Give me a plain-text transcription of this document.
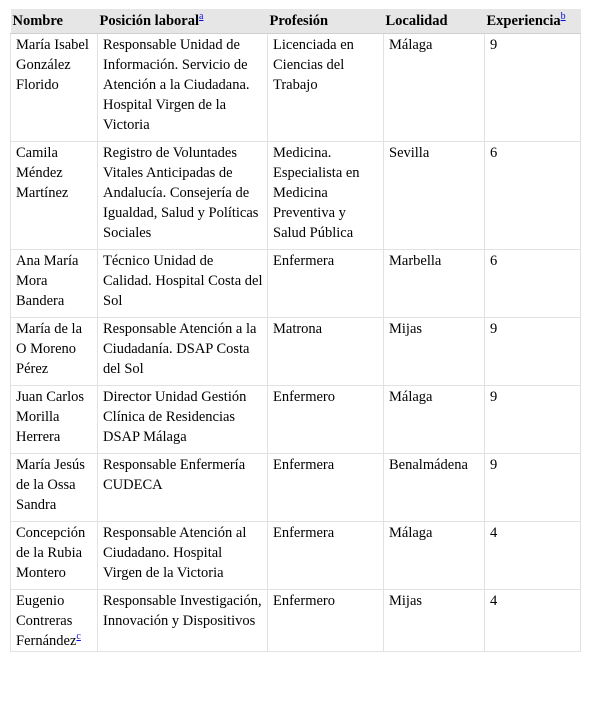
Nombre	Posición laboral$^a$	Profesión	Localidad	Experiencia$^b$
María Isabel González Florido	Responsable Unidad de Información. Servicio de Atención a la Ciudadana. Hospital Virgen de la Victoria	Licenciada en Ciencias del Trabajo	Málaga	9
Camila Méndez Martínez	Registro de Voluntades Vitales Anticipadas de Andalucía. Consejería de Igualdad, Salud y Políticas Sociales	Medicina. Especialista en Medicina Preventiva y Salud Pública	Sevilla	6
Ana María Mora Bandera	Técnico Unidad de Calidad. Hospital Costa del Sol	Enfermera	Marbella	6
María de la O Moreno Pérez	Responsable Atención a la Ciudadanía. DSAP Costa del Sol	Matrona	Mijas	9
Juan Carlos Morilla Herrera	Director Unidad Gestión Clínica de Residencias DSAP Málaga	Enfermero	Málaga	9
María Jesús de la Ossa Sandra	Responsable Enfermería CUDECA	Enfermera	Benalmádena	9
Concepción de la Rubia Montero	Responsable Atención al Ciudadano. Hospital Virgen de la Victoria	Enfermera	Málaga	4
Eugenio Contreras Fernández$^c$	Responsable Investigación, Innovación y Dispositivos	Enfermero	Mijas	4
